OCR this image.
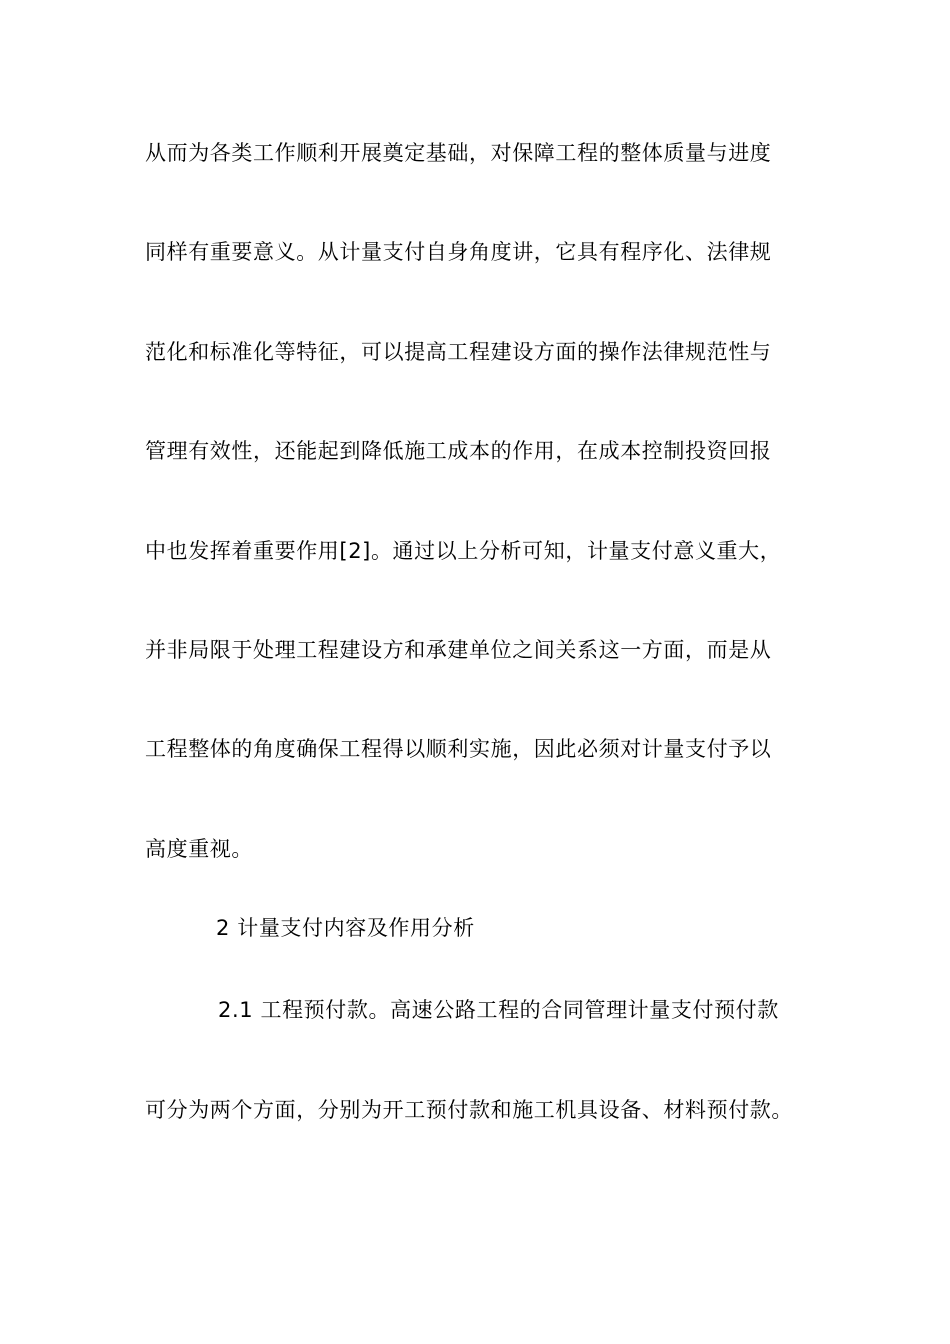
从而为各类工作顺利开展奠定基础，对保障工程的整体质量与进度
同样有重要意义。从计量支付自身角度讲，它具有程序化、法律规
范化和标准化等特征，可以提高工程建设方面的操作法律规范性与
管理有效性，还能起到降低施工成本的作用，在成本控制投资回报
中也发挥着重要作用[2]。通过以上分析可知，计量支付意义重大，
并非局限于处理工程建设方和承建单位之间关系这一方面，而是从
工程整体的角度确保工程得以顺利实施，因此必须对计量支付予以
高度重视。
2 计量支付内容及作用分析
2.1 工程预付款。高速公路工程的合同管理计量支付预付款
可分为两个方面，分别为开工预付款和施工机具设备、材料预付款。
